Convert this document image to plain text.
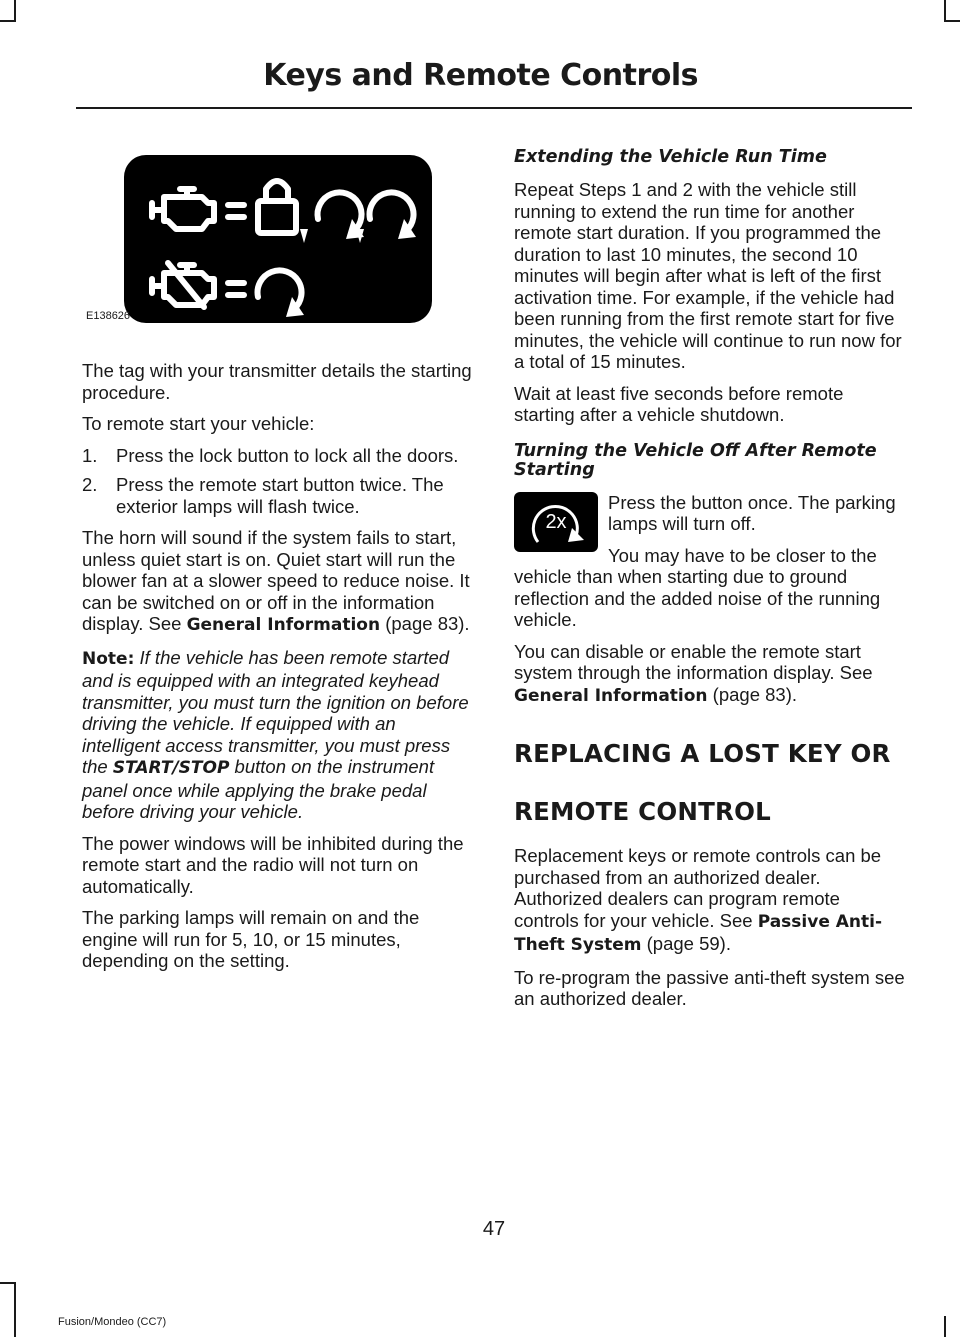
Keys and Remote Controls
E138626

The tag with your transmitter details the starting procedure.

To remote start your vehicle:

1. Press the lock button to lock all the doors.
2. Press the remote start button twice. The exterior lamps will flash twice.

The horn will sound if the system fails to start, unless quiet start is on. Quiet start will run the blower fan at a slower speed to reduce noise. It can be switched on or off in the information display. See General Information (page 83).

Note: If the vehicle has been remote started and is equipped with an integrated keyhead transmitter, you must turn the ignition on before driving the vehicle. If equipped with an intelligent access transmitter, you must press the START/STOP button on the instrument panel once while applying the brake pedal before driving your vehicle.

The power windows will be inhibited during the remote start and the radio will not turn on automatically.

The parking lamps will remain on and the engine will run for 5, 10, or 15 minutes, depending on the setting.

Extending the Vehicle Run Time

Repeat Steps 1 and 2 with the vehicle still running to extend the run time for another remote start duration. If you programmed the duration to last 10 minutes, the second 10 minutes will begin after what is left of the first activation time. For example, if the vehicle had been running from the first remote start for five minutes, the vehicle will continue to run now for a total of 15 minutes.

Wait at least five seconds before remote starting after a vehicle shutdown.

Turning the Vehicle Off After Remote Starting
2x

Press the button once. The parking lamps will turn off.

You may have to be closer to the vehicle than when starting due to ground reflection and the added noise of the running vehicle.

You can disable or enable the remote start system through the information display. See General Information (page 83).

REPLACING A LOST KEY OR
REMOTE CONTROL

Replacement keys or remote controls can be purchased from an authorized dealer. Authorized dealers can program remote controls for your vehicle. See Passive Anti-Theft System (page 59).

To re-program the passive anti-theft system see an authorized dealer.

47
Fusion/Mondeo (CC7)
